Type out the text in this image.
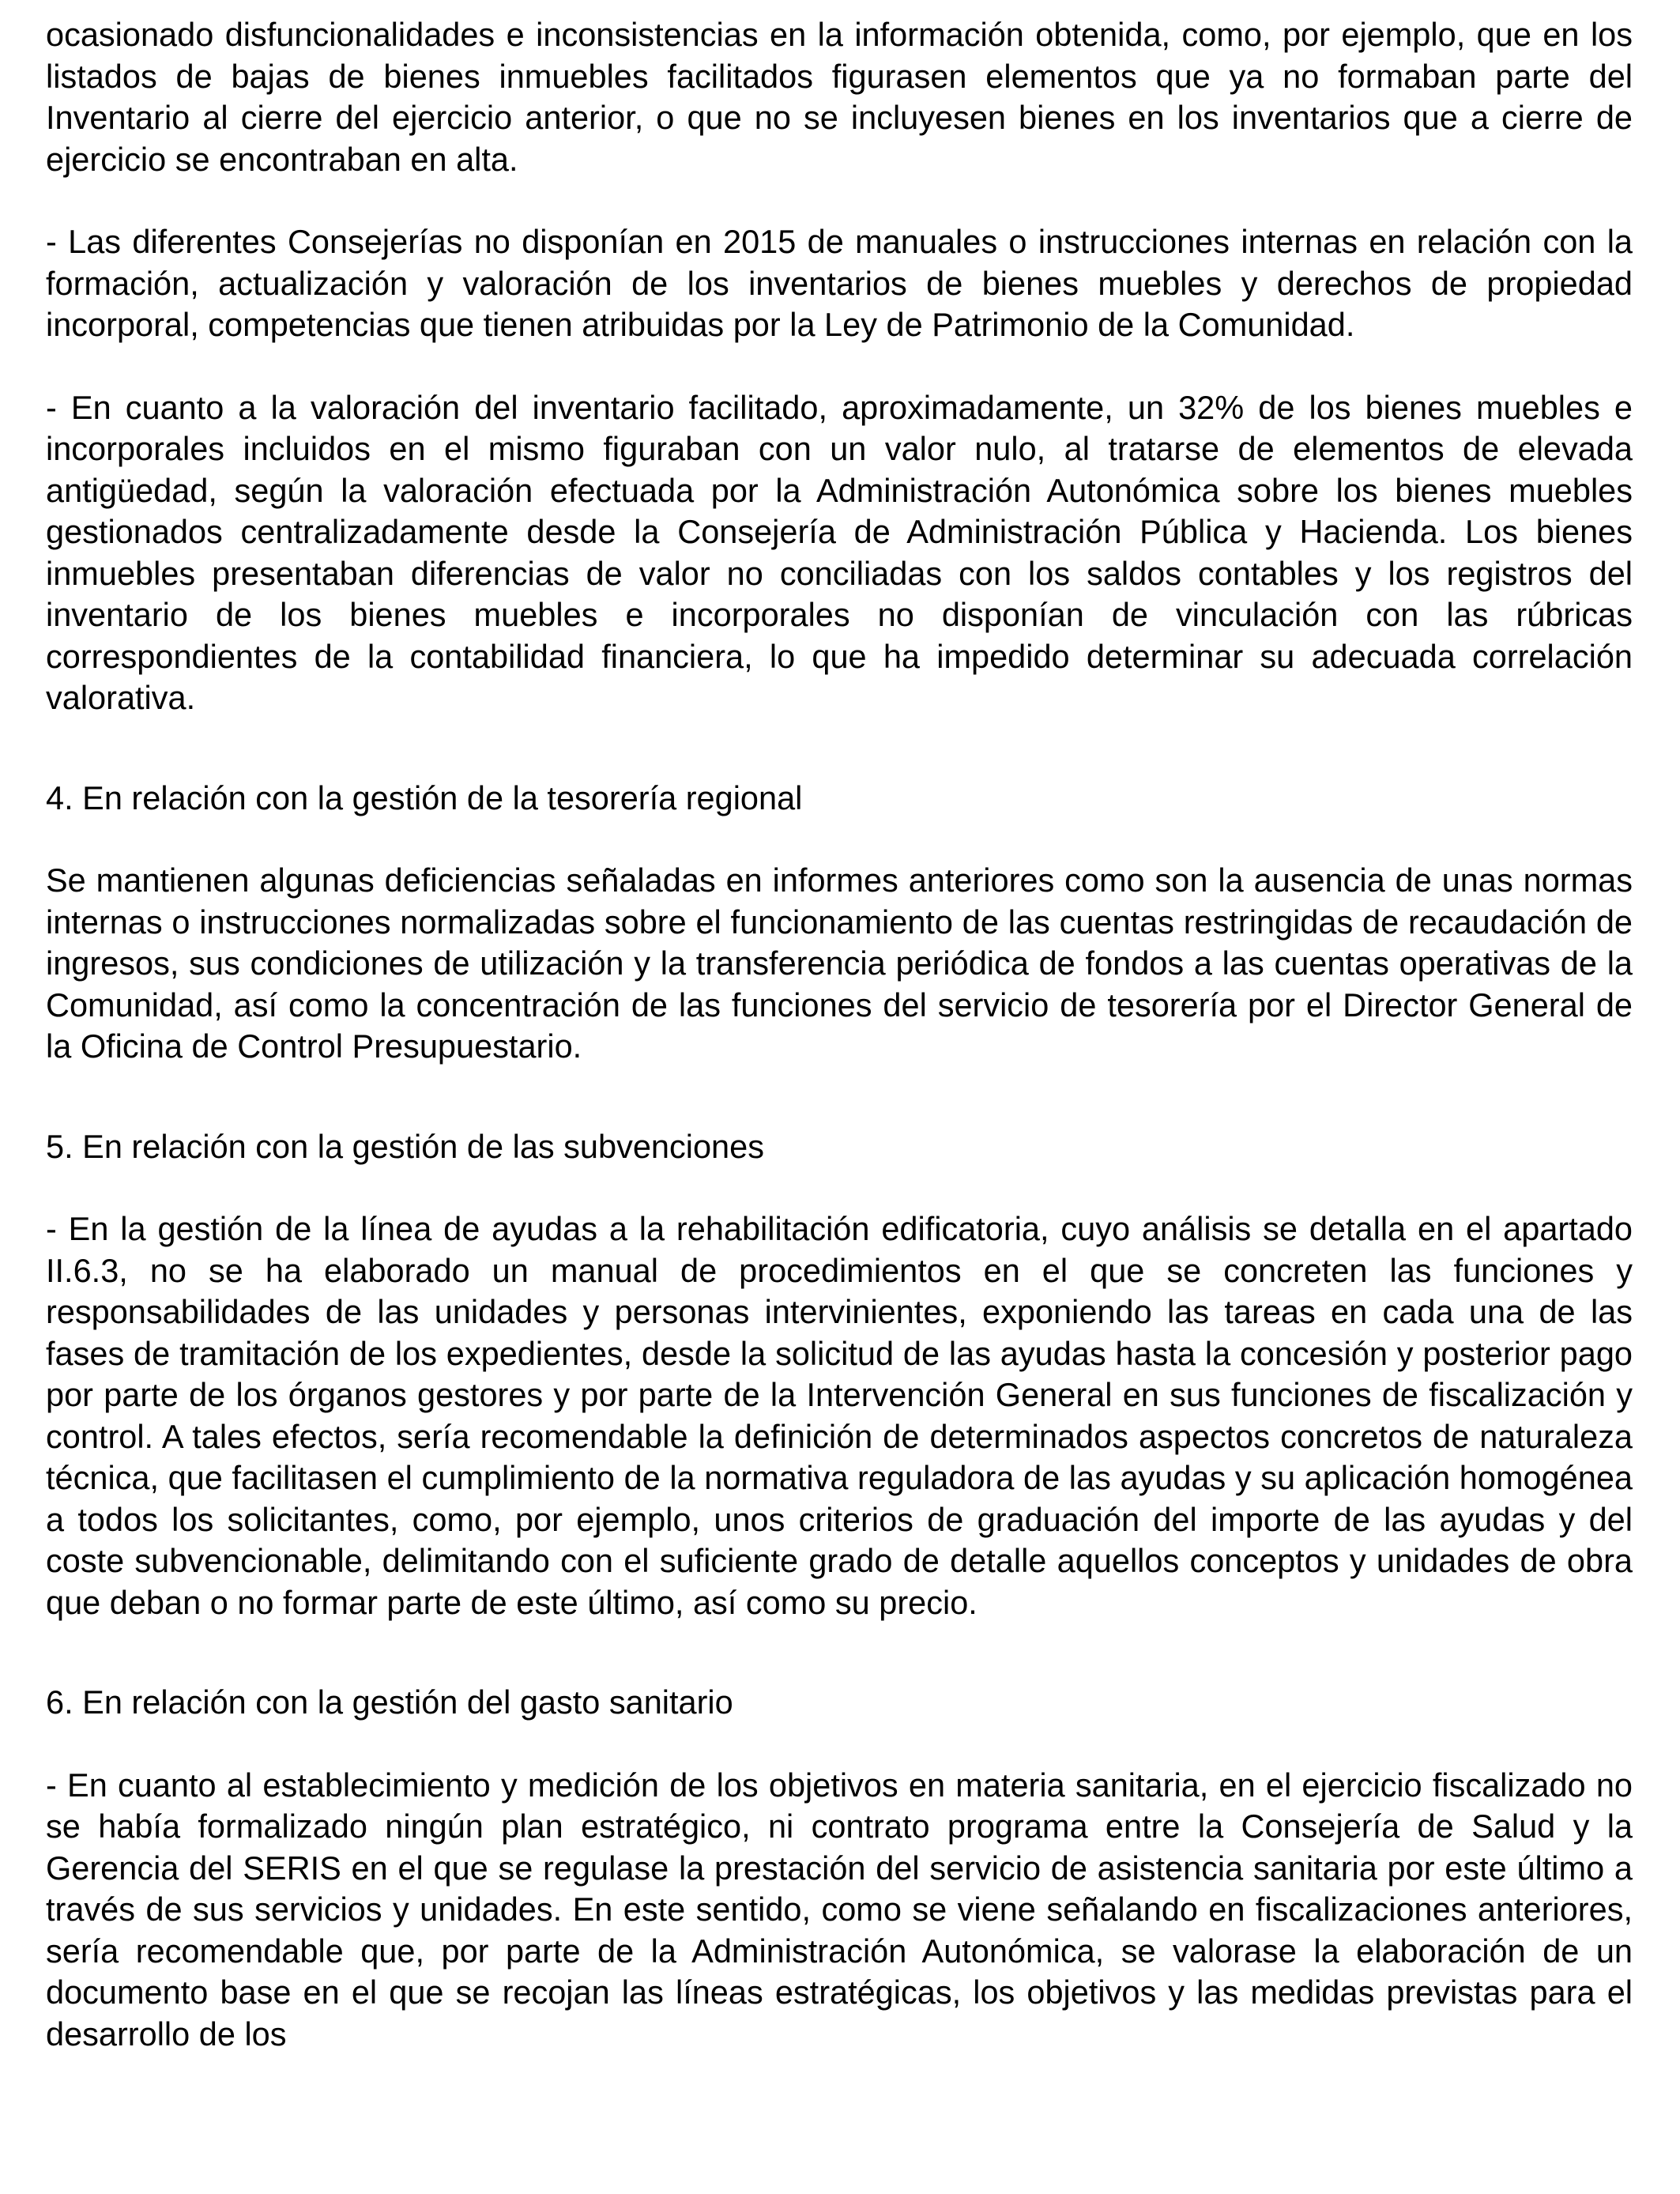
ocasionado disfuncionalidades e inconsistencias en la información obtenida, como, por ejemplo, que en los listados de bajas de bienes inmuebles facilitados figurasen elementos que ya no formaban parte del Inventario al cierre del ejercicio anterior, o que no se incluyesen bienes en los inventarios que a cierre de ejercicio se encontraban en alta.

- Las diferentes Consejerías no disponían en 2015 de manuales o instrucciones internas en relación con la formación, actualización y valoración de los inventarios de bienes muebles y derechos de propiedad incorporal, competencias que tienen atribuidas por la Ley de Patrimonio de la Comunidad.

- En cuanto a la valoración del inventario facilitado, aproximadamente, un 32% de los bienes muebles e incorporales incluidos en el mismo figuraban con un valor nulo, al tratarse de elementos de elevada antigüedad, según la valoración efectuada por la Administración Autonómica sobre los bienes muebles gestionados centralizadamente desde la Consejería de Administración Pública y Hacienda. Los bienes inmuebles presentaban diferencias de valor no conciliadas con los saldos contables y los registros del inventario de los bienes muebles e incorporales no disponían de vinculación con las rúbricas correspondientes de la contabilidad financiera, lo que ha impedido determinar su adecuada correlación valorativa.

4. En relación con la gestión de la tesorería regional

Se mantienen algunas deficiencias señaladas en informes anteriores como son la ausencia de unas normas internas o instrucciones normalizadas sobre el funcionamiento de las cuentas restringidas de recaudación de ingresos, sus condiciones de utilización y la transferencia periódica de fondos a las cuentas operativas de la Comunidad, así como la concentración de las funciones del servicio de tesorería por el Director General de la Oficina de Control Presupuestario.

5. En relación con la gestión de las subvenciones

- En la gestión de la línea de ayudas a la rehabilitación edificatoria, cuyo análisis se detalla en el apartado II.6.3, no se ha elaborado un manual de procedimientos en el que se concreten las funciones y responsabilidades de las unidades y personas intervinientes, exponiendo las tareas en cada una de las fases de tramitación de los expedientes, desde la solicitud de las ayudas hasta la concesión y posterior pago por parte de los órganos gestores y por parte de la Intervención General en sus funciones de fiscalización y control. A tales efectos, sería recomendable la definición de determinados aspectos concretos de naturaleza técnica, que facilitasen el cumplimiento de la normativa reguladora de las ayudas y su aplicación homogénea a todos los solicitantes, como, por ejemplo, unos criterios de graduación del importe de las ayudas y del coste subvencionable, delimitando con el suficiente grado de detalle aquellos conceptos y unidades de obra que deban o no formar parte de este último, así como su precio.

6. En relación con la gestión del gasto sanitario

- En cuanto al establecimiento y medición de los objetivos en materia sanitaria, en el ejercicio fiscalizado no se había formalizado ningún plan estratégico, ni contrato programa entre la Consejería de Salud y la Gerencia del SERIS en el que se regulase la prestación del servicio de asistencia sanitaria por este último a través de sus servicios y unidades. En este sentido, como se viene señalando en fiscalizaciones anteriores, sería recomendable que, por parte de la Administración Autonómica, se valorase la elaboración de un documento base en el que se recojan las líneas estratégicas, los objetivos y las medidas previstas para el desarrollo de los
